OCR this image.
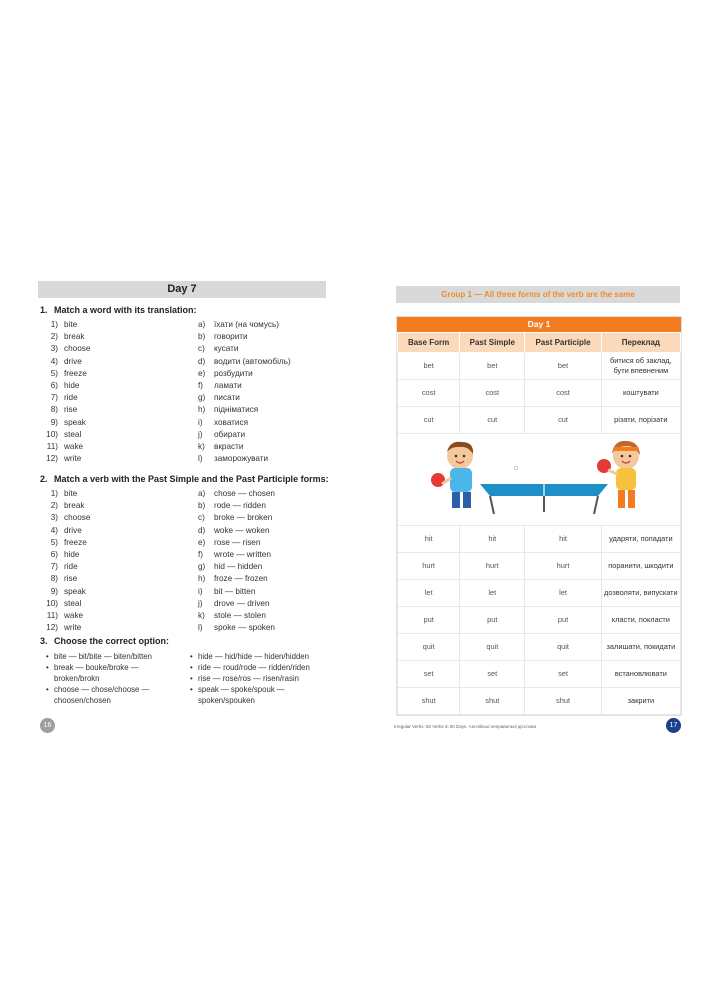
Day 7
1. Match a word with its translation:
1) bite
2) break
3) choose
4) drive
5) freeze
6) hide
7) ride
8) rise
9) speak
10) steal
11) wake
12) write
a) їхати (на чомусь)
b) говорити
c) кусати
d) водити (автомобіль)
e) розбудити
f) ламати
g) писати
h) підніматися
i) ховатися
j) обирати
k) вкрасти
l) заморожувати
2. Match a verb with the Past Simple and the Past Participle forms:
1) bite
2) break
3) choose
4) drive
5) freeze
6) hide
7) ride
8) rise
9) speak
10) steal
11) wake
12) write
a) chose — chosen
b) rode — ridden
c) broke — broken
d) woke — woken
e) rose — risen
f) wrote — written
g) hid — hidden
h) froze — frozen
i) bit — bitten
j) drove — driven
k) stole — stolen
l) spoke — spoken
3. Choose the correct option:
• bite — bit/bite — biten/bitten
• break — bouke/broke —
broken/brokn
• choose — chose/choose —
choosen/chosen
• hide — hid/hide — hiden/hidden
• ride — roud/rode — ridden/riden
• rise — rose/ros — risen/rasin
• speak — spoke/spouk —
spoken/spouken
16
Group 1 — All three forms of the verb are the same
Day 1
Base Form	Past Simple	Past Participle	Переклад
bet	bet	bet	битися об заклад, бути впевненим
cost	cost	cost	коштувати
cut	cut	cut	різати, порізати

hit	hit	hit	ударяти, попадати
hurt	hurt	hurt	поранити, шкодити
let	let	let	дозволяти, випускати
put	put	put	класти, покласти
quit	quit	quit	залишати, покидати
set	set	set	встановлювати
shut	shut	shut	закрити
Irregular Verbs: 50 Verbs in 50 Days. Англійські неправильні дієслова	17
